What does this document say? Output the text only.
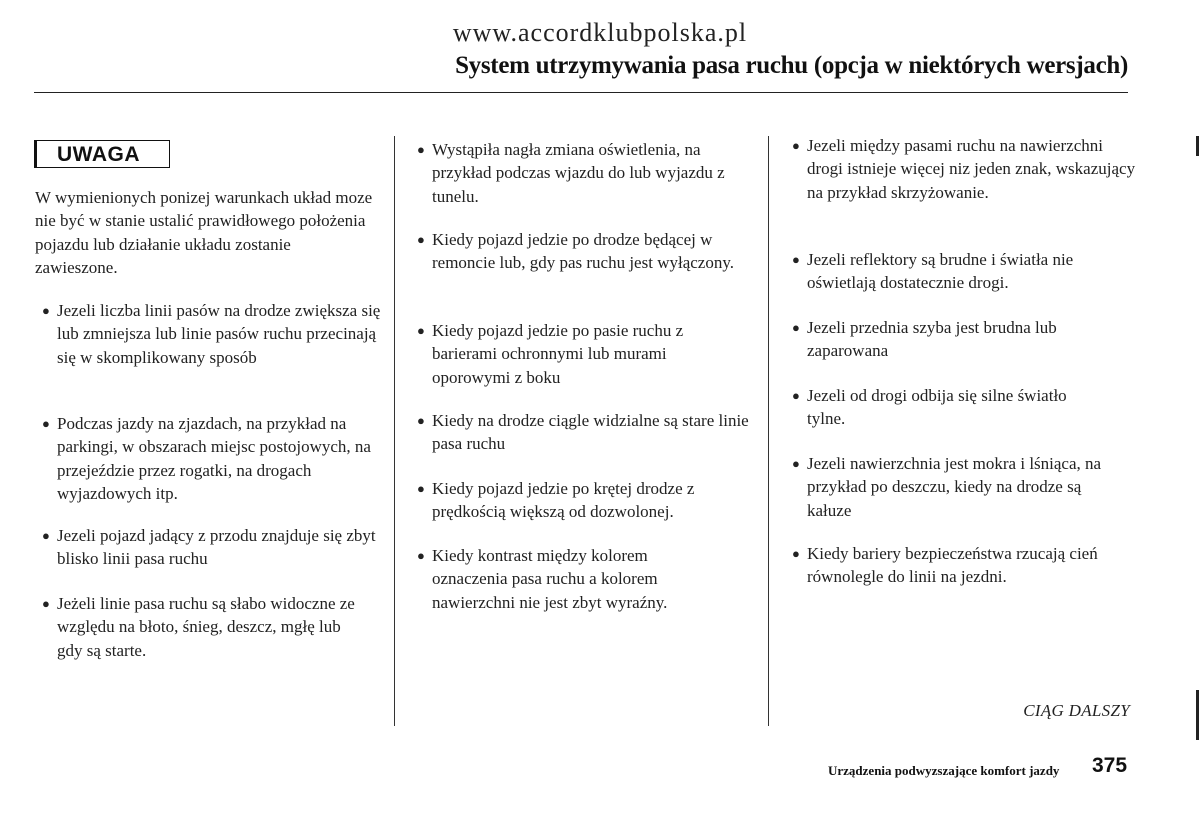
www.accordklubpolska.pl
System utrzymywania pasa ruchu (opcja w niektórych wersjach)
UWAGA
W wymienionych ponizej warunkach układ moze nie być w stanie ustalić prawidłowego położenia pojazdu lub działanie układu zostanie zawieszone.
● Jezeli liczba linii pasów na drodze zwiększa się lub zmniejsza lub linie pasów ruchu przecinają się w skomplikowany sposób
● Podczas jazdy na zjazdach, na przykład na parkingi, w obszarach miejsc postojowych, na przejeździe przez rogatki, na drogach wyjazdowych itp.
● Jezeli pojazd jadący z przodu znajduje się zbyt blisko linii pasa ruchu
● Jeżeli linie pasa ruchu są słabo widoczne ze względu na błoto, śnieg, deszcz, mgłę lub gdy są starte.
● Wystąpiła nagła zmiana oświetlenia, na przykład podczas wjazdu do lub wyjazdu z tunelu.
● Kiedy pojazd jedzie po drodze będącej w remoncie lub, gdy pas ruchu jest wyłączony.
● Kiedy pojazd jedzie po pasie ruchu z barierami ochronnymi lub murami oporowymi z boku
● Kiedy na drodze ciągle widzialne są stare linie pasa ruchu
● Kiedy pojazd jedzie po krętej drodze z prędkością większą od dozwolonej.
● Kiedy kontrast między kolorem oznaczenia pasa ruchu a kolorem nawierzchni nie jest zbyt wyraźny.
● Jezeli między pasami ruchu na nawierzchni drogi istnieje więcej niz jeden znak, wskazujący na przykład skrzyżowanie.
● Jezeli reflektory są brudne i światła nie oświetlają dostatecznie drogi.
● Jezeli przednia szyba jest brudna lub zaparowana
● Jezeli od drogi odbija się silne światło tylne.
● Jezeli nawierzchnia jest mokra i lśniąca, na przykład po deszczu, kiedy na drodze są kałuze
● Kiedy bariery bezpieczeństwa rzucają cień równolegle do linii na jezdni.
CIĄG DALSZY
Urządzenia podwyzszające komfort jazdy 375
